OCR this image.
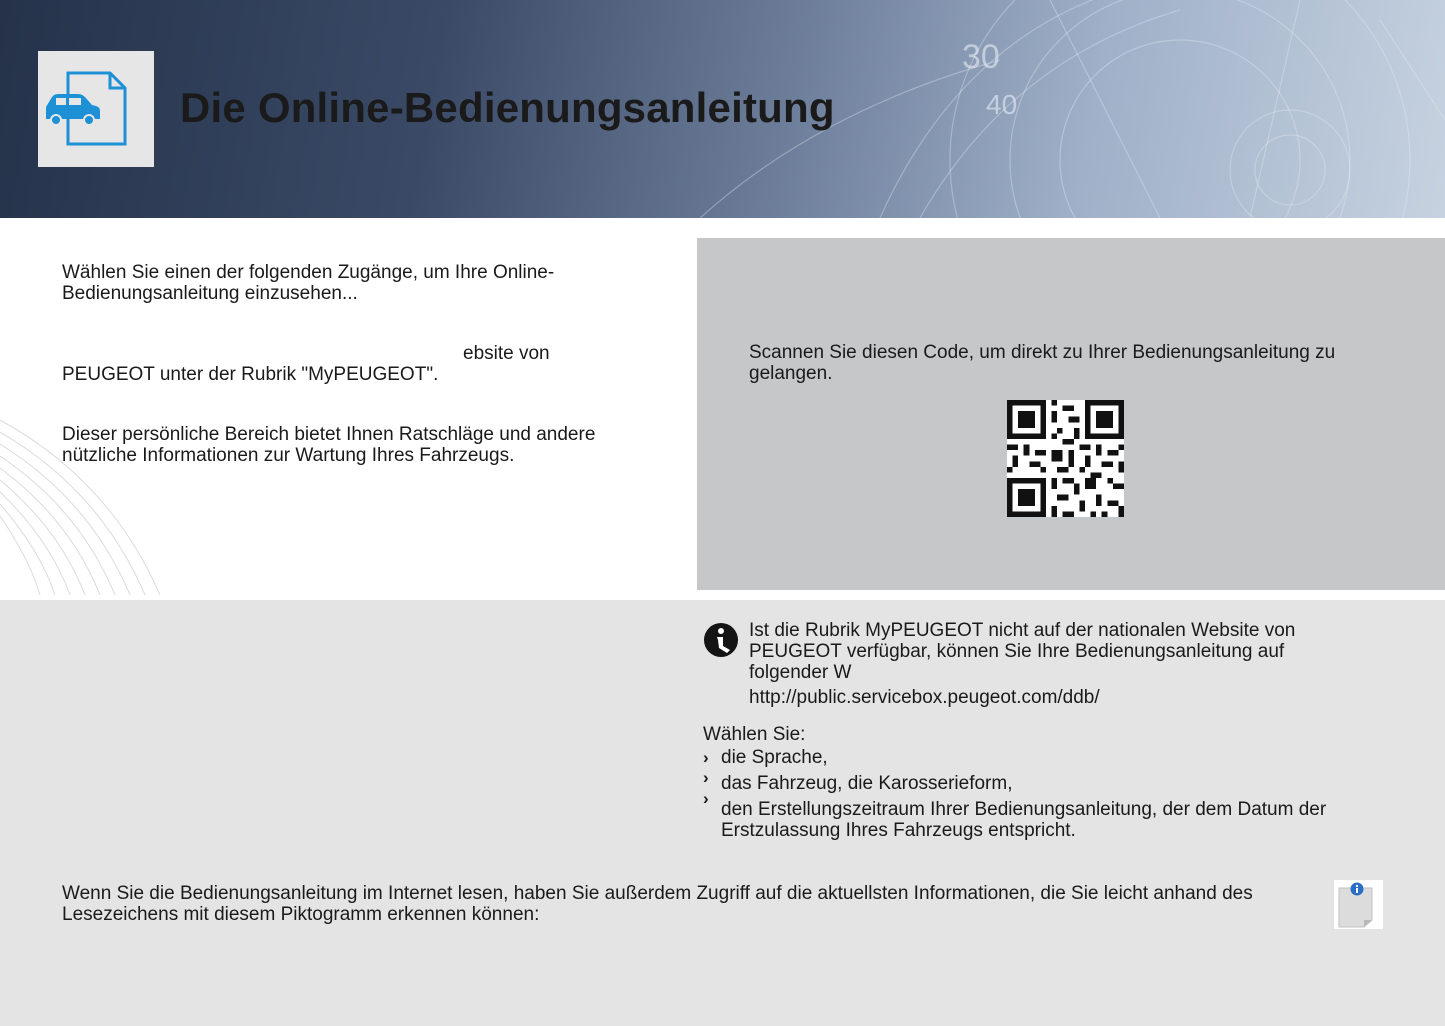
30
40
Die Online-Bedienungsanleitung

Wählen Sie einen der folgenden Zugänge, um Ihre Online-Bedienungsanleitung einzusehen...

ebsite von

PEUGEOT unter der Rubrik "MyPEUGEOT".

Dieser persönliche Bereich bietet Ihnen Ratschläge und andere nützliche Informationen zur Wartung Ihres Fahrzeugs.

Scannen Sie diesen Code, um direkt zu Ihrer Bedienungsanleitung zu gelangen.

Ist die Rubrik MyPEUGEOT nicht auf der nationalen Website von PEUGEOT verfügbar, können Sie Ihre Bedienungsanleitung auf folgender W

http://public.servicebox.peugeot.com/ddb/

Wählen Sie:

› die Sprache,

› das Fahrzeug, die Karosserieform,

›

den Erstellungszeitraum Ihrer Bedienungsanleitung, der dem Datum der Erstzulassung Ihres Fahrzeugs entspricht.

Wenn Sie die Bedienungsanleitung im Internet lesen, haben Sie außerdem Zugriff auf die aktuellsten Informationen, die Sie leicht anhand des Lesezeichens mit diesem Piktogramm erkennen können:
